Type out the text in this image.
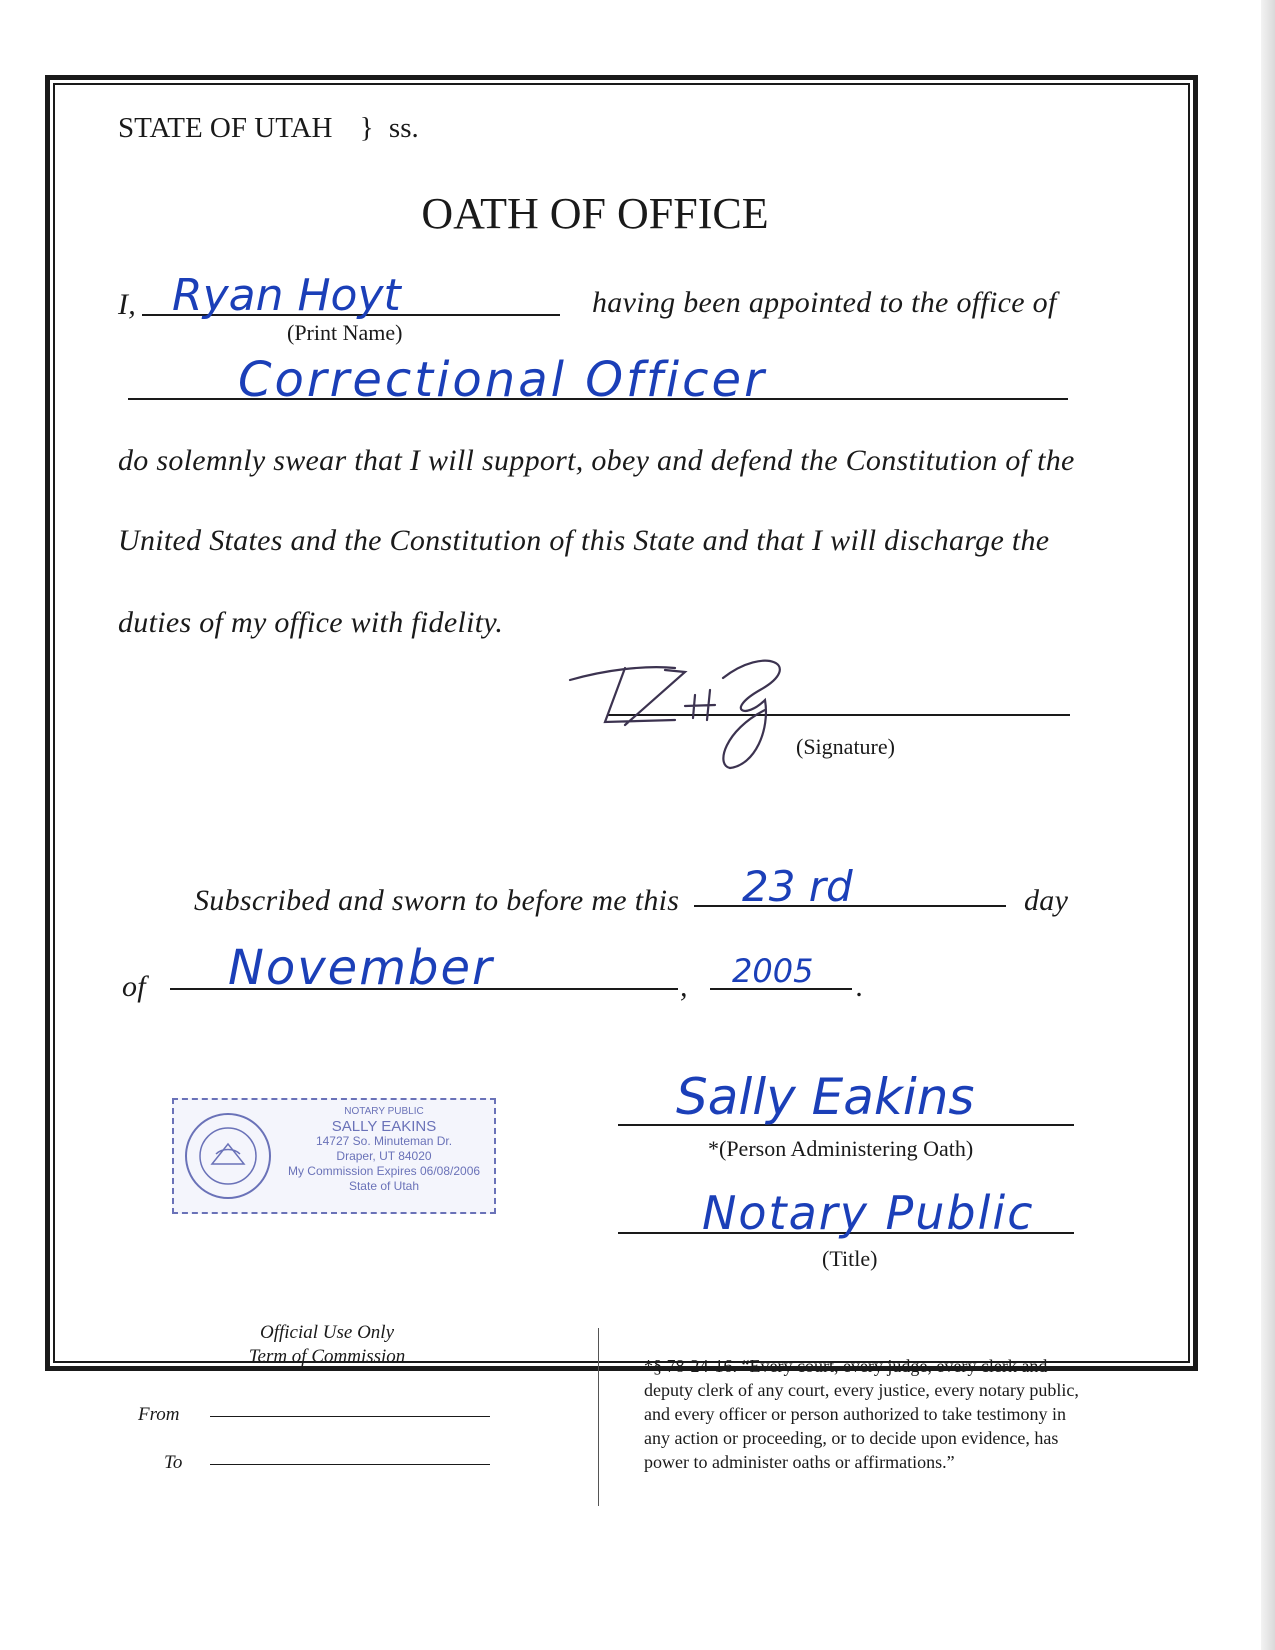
STATE OF UTAH } ss.
OATH OF OFFICE
I, Ryan Hoyt
(Print Name)
having been appointed to the office of
Correctional Officer
do solemnly swear that I will support, obey and defend the Constitution of the
United States and the Constitution of this State and that I will discharge the
duties of my office with fidelity.
(Signature)
Subscribed and sworn to before me this 23 rd	day
of November	, 2005 .
NOTARY PUBLIC
SALLY EAKINS
14727 So. Minuteman Dr.
Draper, UT 84020
My Commission Expires 06/08/2006
State of Utah
Sally Eakins
*(Person Administering Oath)
Notary Public
(Title)
Official Use Only
Term of Commission
From
To
*§ 78-24-16. “Every court, every judge, every clerk and
deputy clerk of any court, every justice, every notary public,
and every officer or person authorized to take testimony in
any action or proceeding, or to decide upon evidence, has
power to administer oaths or affirmations.”
